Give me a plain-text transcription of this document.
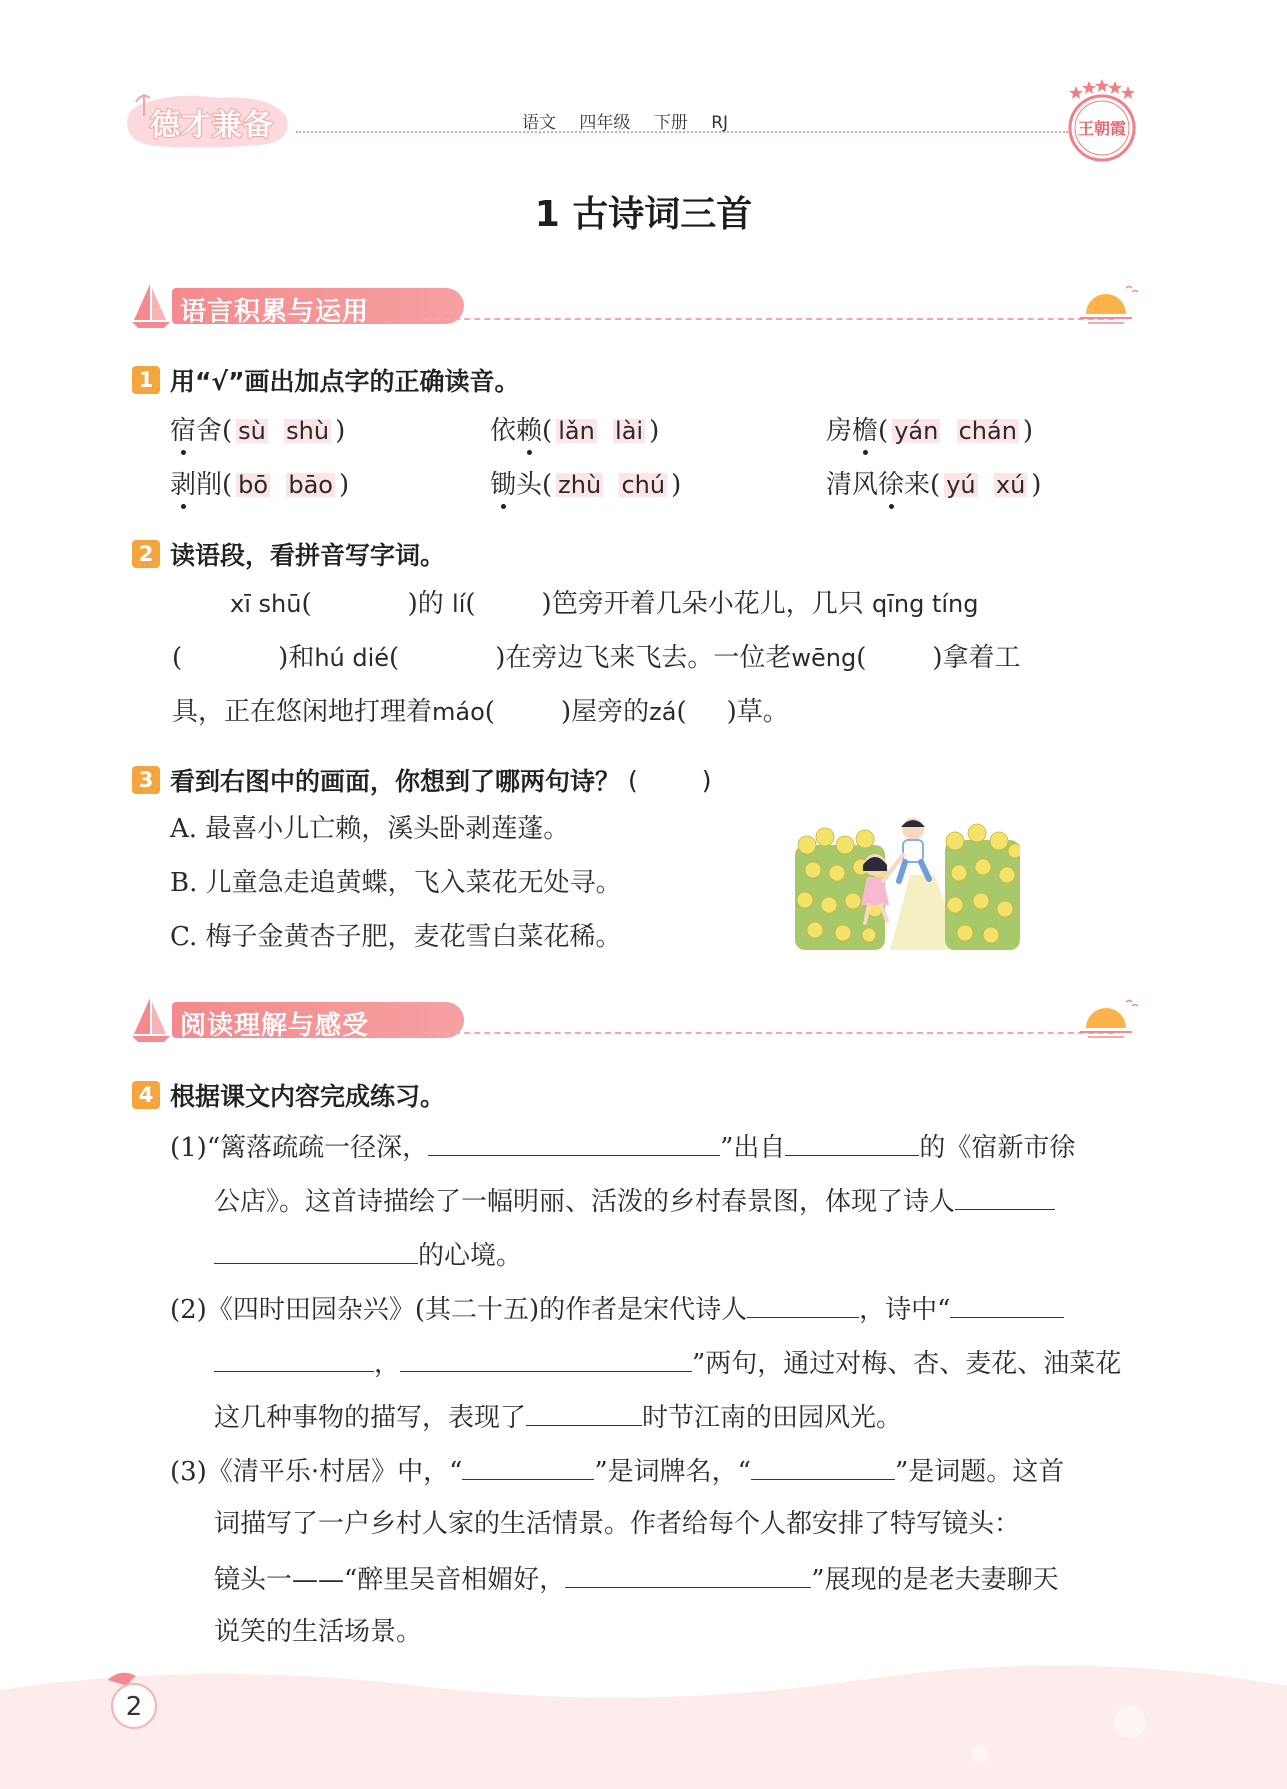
德才兼备	语文 四年级 下册 RJ	王朝霞
1 古诗词三首
语言积累与运用
1 用“√”画出加点字的正确读音。
宿舍( sù shù )	依赖( lǎn lài )	房檐( yán chán )
剥削( bō bāo )	锄头( zhù chú )	清风徐来( yú xú )
2 读语段，看拼音写字词。
xī shū(	)的 lí(	)笆旁开着几朵小花儿，几只 qīng tíng
(	)和hú dié(	)在旁边飞来飞去。一位老wēng(	)拿着工
具，正在悠闲地打理着máo(	)屋旁的zá( )草。
3 看到右图中的画面，你想到了哪两句诗？ (	)
A. 最喜小儿亡赖，溪头卧剥莲蓬。
B. 儿童急走追黄蝶，飞入菜花无处寻。
C. 梅子金黄杏子肥，麦花雪白菜花稀。
阅读理解与感受
4 根据课文内容完成练习。
(1)“篱落疏疏一径深，	”出自	的《宿新市徐
公店》。这首诗描绘了一幅明丽、活泼的乡村春景图，体现了诗人
的心境。
(2)《四时田园杂兴》(其二十五)的作者是宋代诗人	，诗中“
，	”两句，通过对梅、杏、麦花、油菜花
这几种事物的描写，表现了	时节江南的田园风光。
(3)《清平乐·村居》中，“	”是词牌名，“	”是词题。这首
词描写了一户乡村人家的生活情景。作者给每个人都安排了特写镜头：
镜头一——“醉里吴音相媚好，	”展现的是老夫妻聊天
说笑的生活场景。
2
